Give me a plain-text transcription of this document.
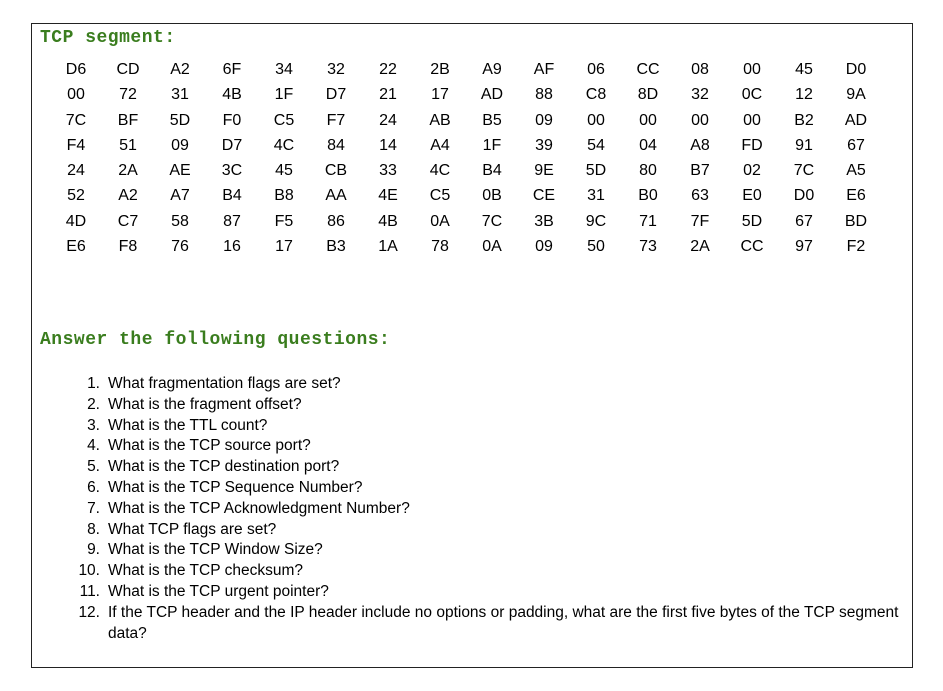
TCP segment:
D6	CD	A2	6F	34	32	22	2B	A9	AF	06	CC	08	00	45	D0
00	72	31	4B	1F	D7	21	17	AD	88	C8	8D	32	0C	12	9A
7C	BF	5D	F0	C5	F7	24	AB	B5	09	00	00	00	00	B2	AD
F4	51	09	D7	4C	84	14	A4	1F	39	54	04	A8	FD	91	67
24	2A	AE	3C	45	CB	33	4C	B4	9E	5D	80	B7	02	7C	A5
52	A2	A7	B4	B8	AA	4E	C5	0B	CE	31	B0	63	E0	D0	E6
4D	C7	58	87	F5	86	4B	0A	7C	3B	9C	71	7F	5D	67	BD
E6	F8	76	16	17	B3	1A	78	0A	09	50	73	2A	CC	97	F2
Answer the following questions:
1. What fragmentation flags are set?
2. What is the fragment offset?
3. What is the TTL count?
4. What is the TCP source port?
5. What is the TCP destination port?
6. What is the TCP Sequence Number?
7. What is the TCP Acknowledgment Number?
8. What TCP flags are set?
9. What is the TCP Window Size?
10. What is the TCP checksum?
11. What is the TCP urgent pointer?
12. If the TCP header and the IP header include no options or padding, what are the first five bytes of the TCP segment data?
